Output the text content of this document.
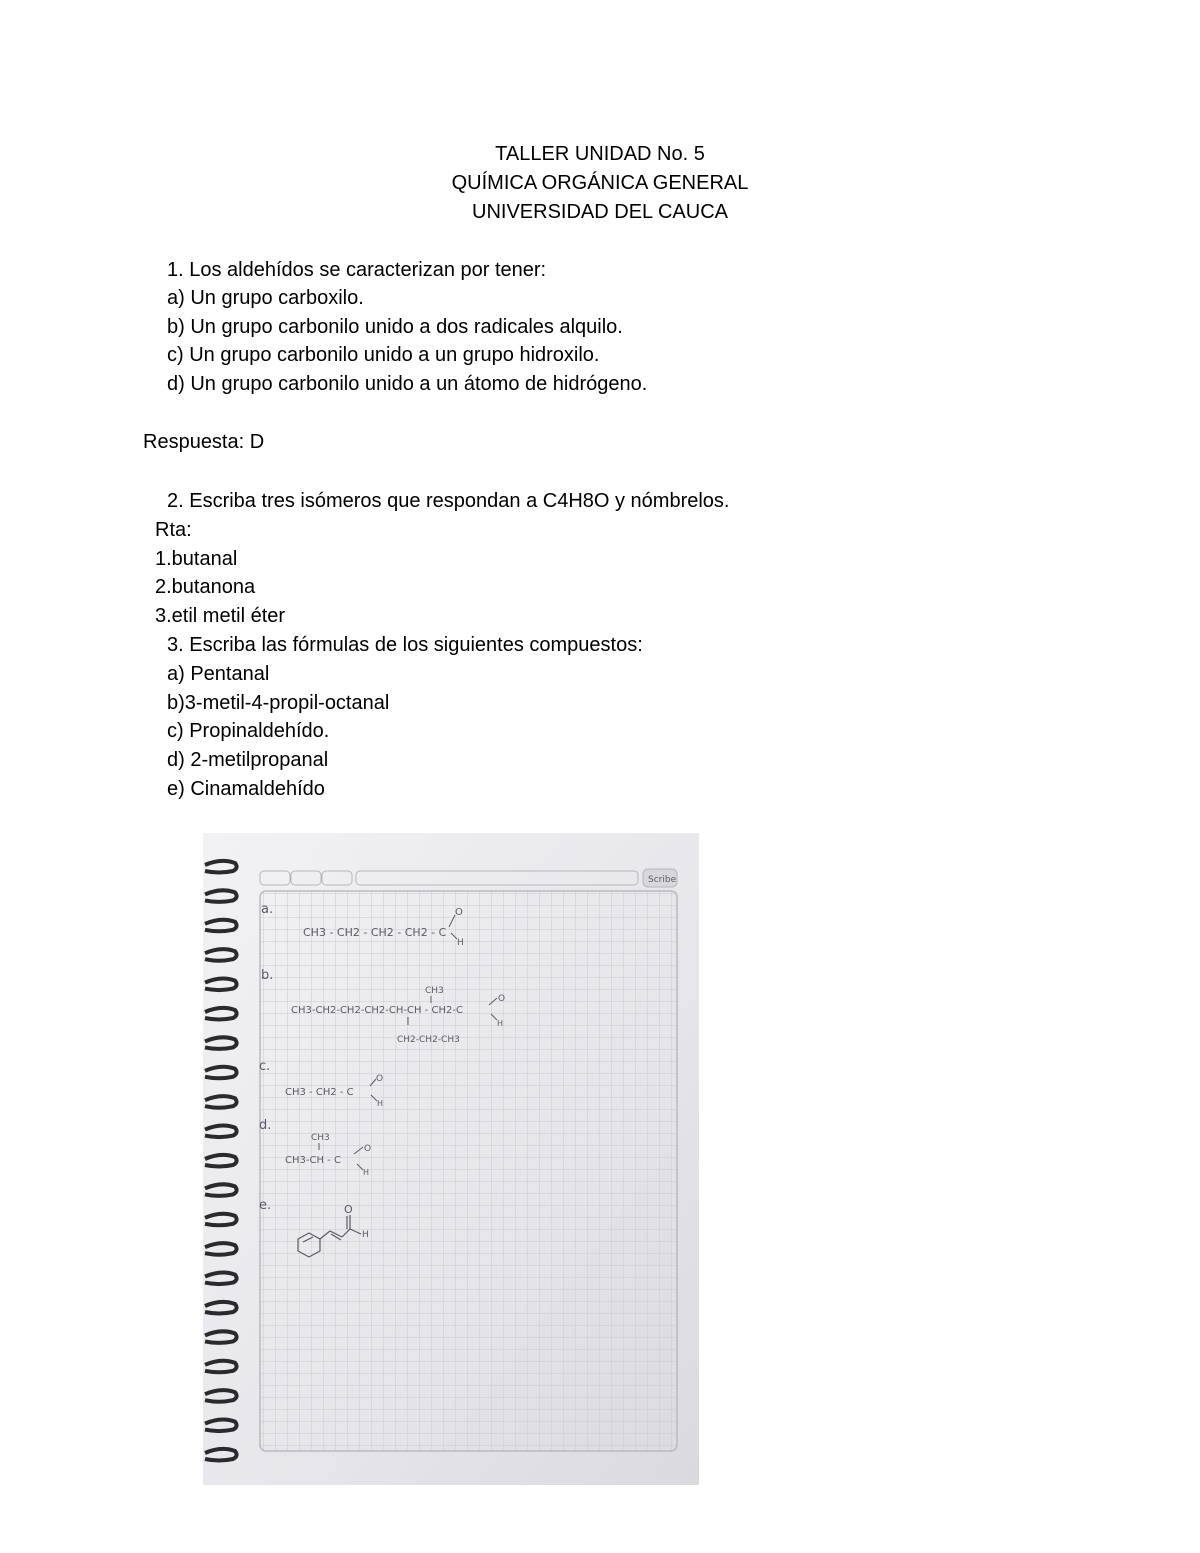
TALLER UNIDAD No. 5
QUÍMICA ORGÁNICA GENERAL
UNIVERSIDAD DEL CAUCA
1. Los aldehídos se caracterizan por tener:
a) Un grupo carboxilo.
b) Un grupo carbonilo unido a dos radicales alquilo.
c) Un grupo carbonilo unido a un grupo hidroxilo.
d) Un grupo carbonilo unido a un átomo de hidrógeno.
Respuesta: D
2. Escriba tres isómeros que respondan a C4H8O y nómbrelos.
Rta:
1.butanal
2.butanona
3.etil metil éter
3. Escriba las fórmulas de los siguientes compuestos:
a) Pentanal
b)3-metil-4-propil-octanal
c) Propinaldehído.
d) 2-metilpropanal
e) Cinamaldehído
Scribe
a.
b.
c.
d.
e.
CH3 - CH2 - CH2 - CH2 - C
O
H
CH3
CH3-CH2-CH2-CH2-CH-CH - CH2-C
CH2-CH2-CH3
O
H
CH3 - CH2 - C
O
H
CH3
CH3-CH - C
O
H
O
H
